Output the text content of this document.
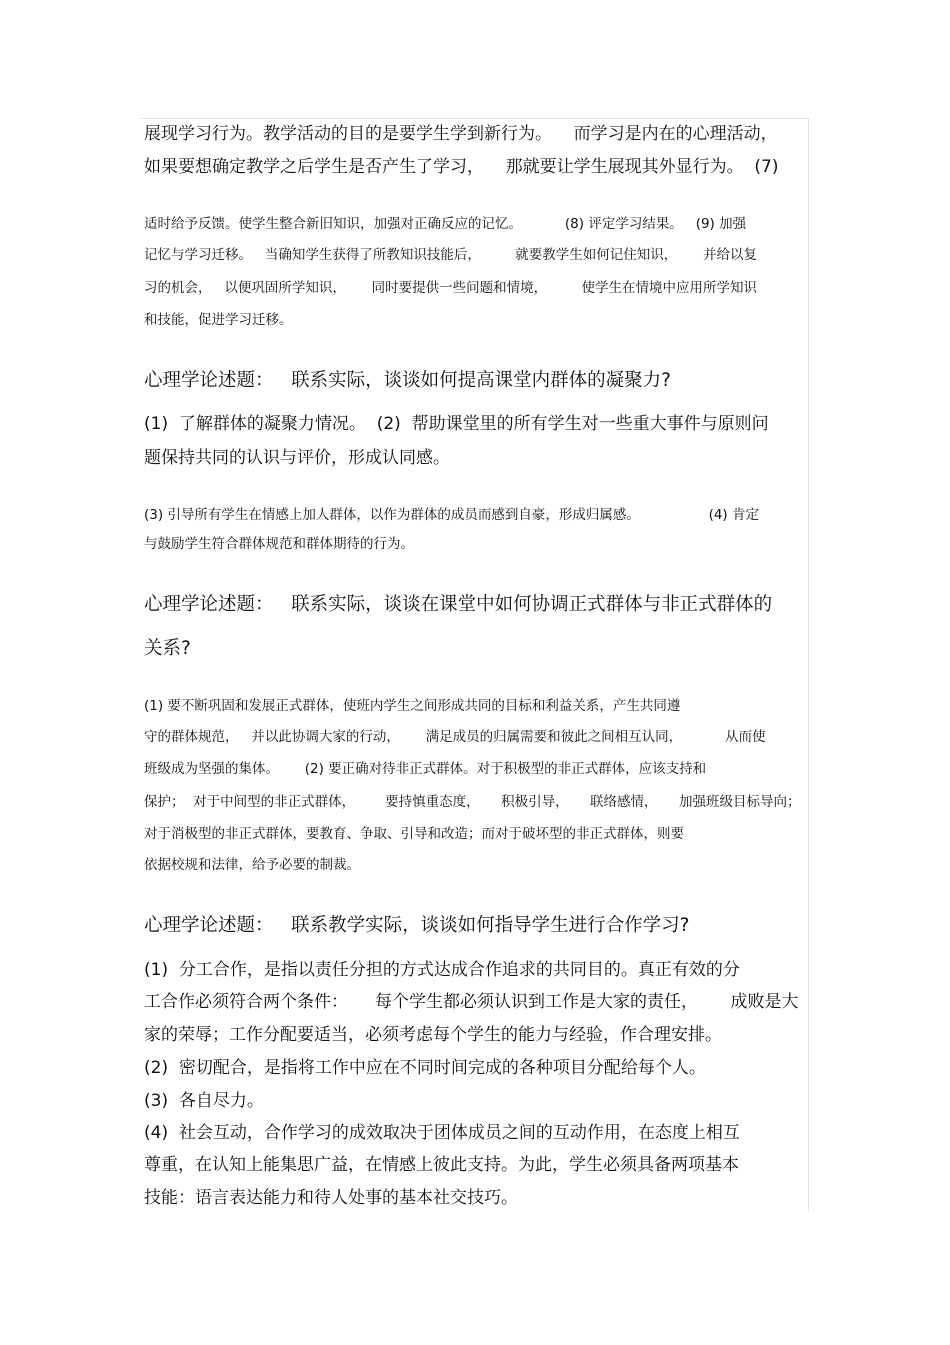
展现学习行为。教学活动的目的是要学生学到新行为。    而学习是内在的心理活动，
如果要想确定教学之后学生是否产生了学习，    那就要让学生展现其外显行为。  (7)
适时给予反馈。使学生整合新旧知识，加强对正确反应的记忆。          (8) 评定学习结果。   (9) 加强
记忆与学习迁移。   当确知学生获得了所教知识技能后，        就要教学生如何记住知识，      并给以复
习的机会，   以便巩固所学知识，      同时要提供一些问题和情境，        使学生在情境中应用所学知识
和技能，促进学习迁移。
心理学论述题：   联系实际，谈谈如何提高课堂内群体的凝聚力?
(1)  了解群体的凝聚力情况。  (2)  帮助课堂里的所有学生对一些重大事件与原则问
题保持共同的认识与评价，形成认同感。
(3) 引导所有学生在情感上加人群体，以作为群体的成员而感到自豪，形成归属感。                (4) 肯定
与鼓励学生符合群体规范和群体期待的行为。
心理学论述题：   联系实际，谈谈在课堂中如何协调正式群体与非正式群体的
关系?
(1) 要不断巩固和发展正式群体，使班内学生之间形成共同的目标和利益关系，产生共同遵
守的群体规范，   并以此协调大家的行动，      满足成员的归属需要和彼此之间相互认同，          从而使
班级成为坚强的集体。      (2) 要正确对待非正式群体。对于积极型的非正式群体，应该支持和
保护；  对于中间型的非正式群体，       要持慎重态度，     积极引导，     联络感情，     加强班级目标导向；
对于消极型的非正式群体，要教育、争取、引导和改造；而对于破坏型的非正式群体，则要
依据校规和法律，给予必要的制裁。
心理学论述题：   联系教学实际，谈谈如何指导学生进行合作学习?
(1)  分工合作，是指以责任分担的方式达成合作追求的共同目的。真正有效的分
工合作必须符合两个条件：     每个学生都必须认识到工作是大家的责任，      成败是大
家的荣辱；工作分配要适当，必须考虑每个学生的能力与经验，作合理安排。
(2)  密切配合，是指将工作中应在不同时间完成的各种项目分配给每个人。
(3)  各自尽力。
(4)  社会互动，合作学习的成效取决于团体成员之间的互动作用，在态度上相互
尊重，在认知上能集思广益，在情感上彼此支持。为此，学生必须具备两项基本
技能：语言表达能力和待人处事的基本社交技巧。
